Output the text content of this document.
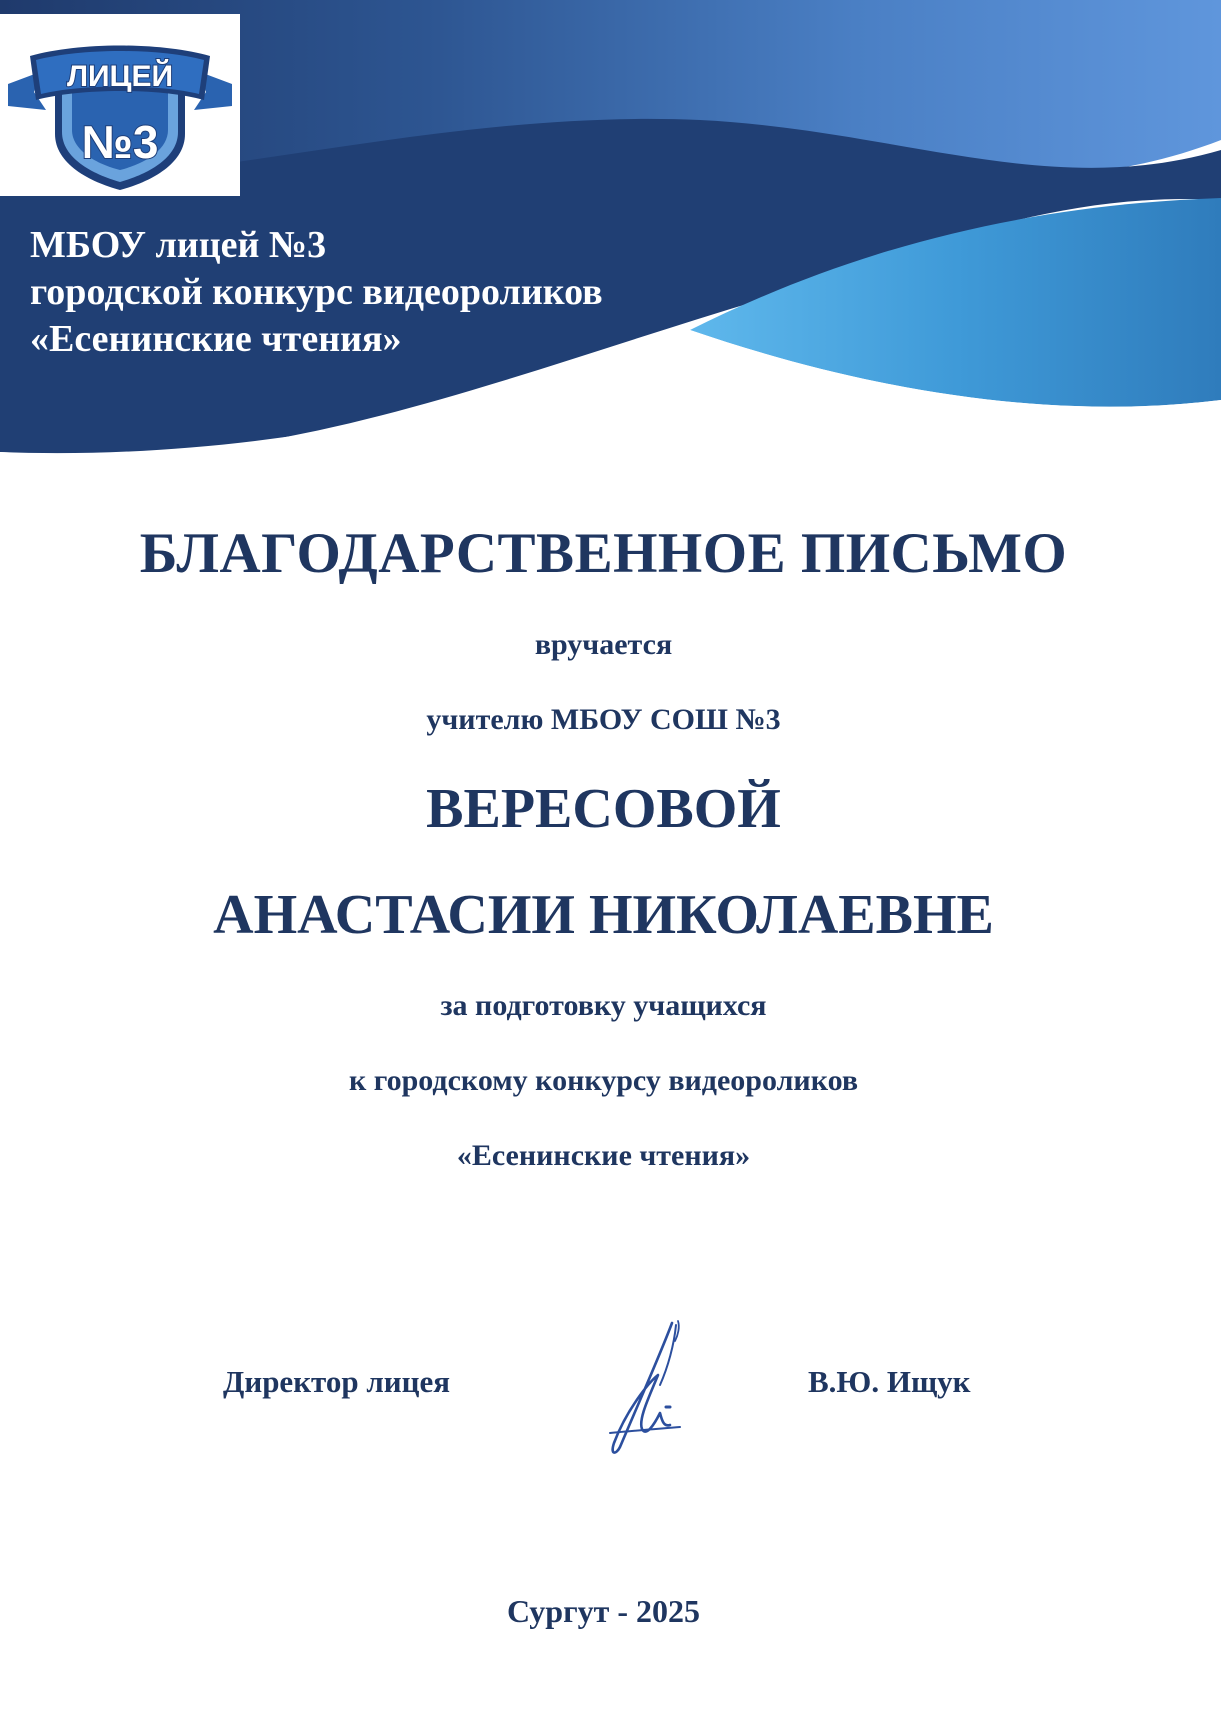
№3
ЛИЦЕЙ
МБОУ лицей №3
городской конкурс видеороликов
«Есенинские чтения»
БЛАГОДАРСТВЕННОЕ ПИСЬМО
вручается
учителю МБОУ СОШ №3
ВЕРЕСОВОЙ
АНАСТАСИИ НИКОЛАЕВНЕ
за подготовку учащихся
к городскому конкурсу видеороликов
«Есенинские чтения»
Директор лицея	В.Ю. Ищук
Сургут - 2025
